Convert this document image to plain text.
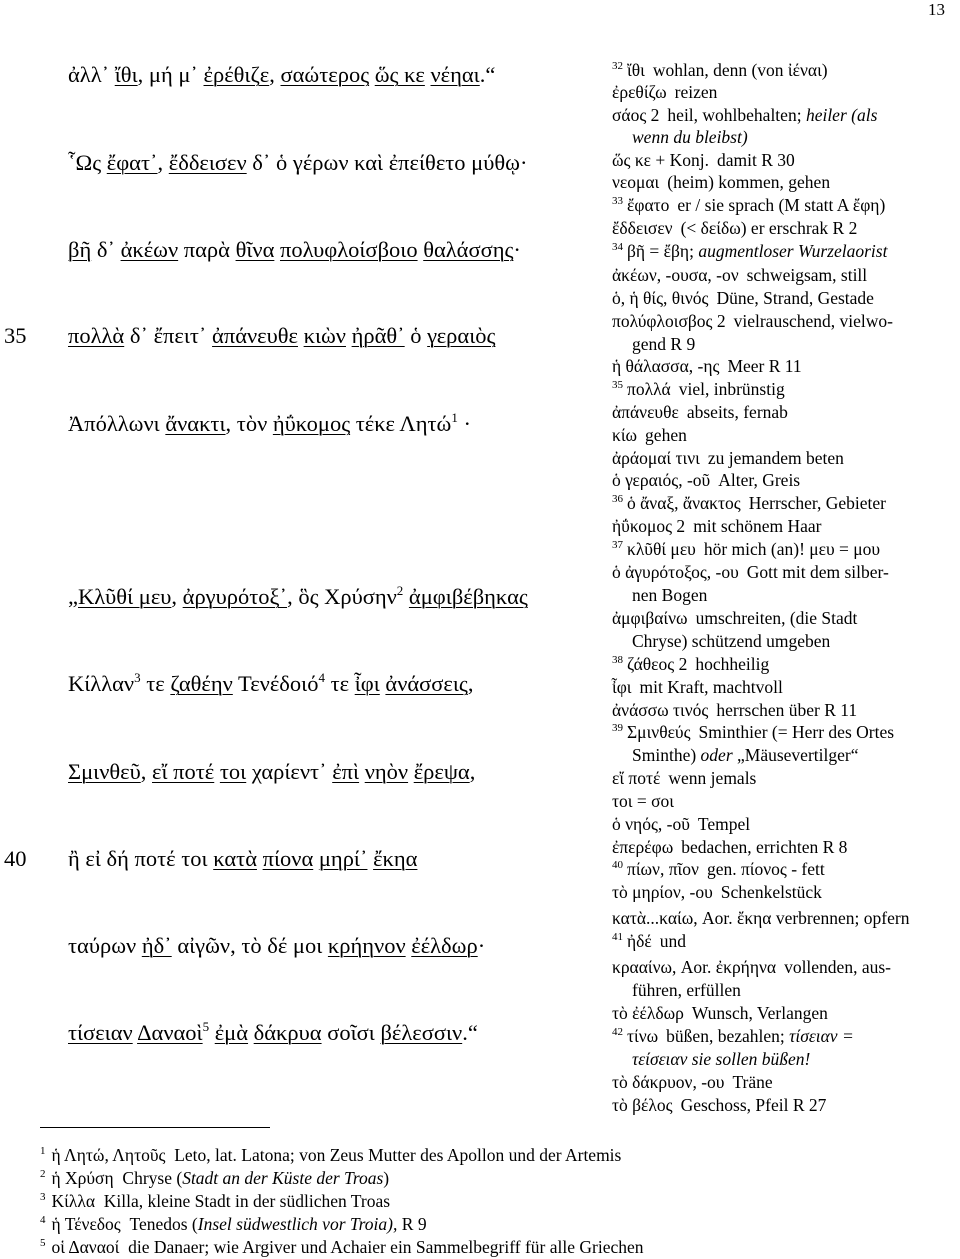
13
ἀλλ᾽ ἴθι, μή μ᾽ ἐρέθιζε, σαώτερος ὥς κε νέηαι.“
῟Ως ἔφατ᾽, ἔδδεισεν δ᾽ ὁ γέρων καὶ ἐπείθετο μύθῳ·
βῆ δ᾽ ἀκέων παρὰ θῖνα πολυφλοίσβοιο θαλάσσης·
35 πολλὰ δ᾽ ἔπειτ᾽ ἀπάνευθε κιὼν ἠρᾶθ᾽ ὁ γεραιὸς
Ἀπόλλωνι ἄνακτι, τὸν ἠΰκομος τέκε Λητώ$^1$ ·
„Κλῦθί μευ, ἀργυρότοξ᾽, ὃς Χρύσην$^2$ ἀμφιβέβηκας
Κίλλαν$^3$ τε ζαθέην Τενέδοιό$^4$ τε ἶφι ἀνάσσεις,
Σμινθεῦ, εἴ ποτέ τοι χαρίεντ᾽ ἐπὶ νηὸν ἔρεψα,
40 ἢ εἰ δή ποτέ τοι κατὰ πίονα μηρί᾽ ἔκηα
ταύρων ἠδ᾽ αἰγῶν, τὸ δέ μοι κρήηνον ἐέλδωρ·
τίσειαν Δαναοὶ$^5$ ἐμὰ δάκρυα σοῖσι βέλεσσιν.“
$^{32}$ ἴθι wohlan, denn (von ἰέναι)
ἐρεθίζω reizen
σάος 2 heil, wohlbehalten; heiler (als
wenn du bleibst)
ὥς κε + Konj. damit R 30
νεομαι (heim) kommen, gehen
$^{33}$ ἔφατο er / sie sprach (M statt A ἔφη)
ἔδδεισεν (< δείδω) er erschrak R 2
$^{34}$ βῆ = ἔβη; augmentloser Wurzelaorist
ἀκέων, -ουσα, -ον schweigsam, still
ὁ, ἡ θίς, θινός Düne, Strand, Gestade
πολύφλοισβος 2 vielrauschend, vielwo-
gend R 9
ἡ θάλασσα, -ης Meer R 11
$^{35}$ πολλά viel, inbrünstig
ἀπάνευθε abseits, fernab
κίω gehen
ἀράομαί τινι zu jemandem beten
ὁ γεραιός, -οῦ Alter, Greis
$^{36}$ ὁ ἄναξ, ἄνακτος Herrscher, Gebieter
ἠΰκομος 2 mit schönem Haar
$^{37}$ κλῦθί μευ hör mich (an)! μευ = μου
ὁ ἀγυρότοξος, -ου Gott mit dem silber-
nen Bogen
ἀμφιβαίνω umschreiten, (die Stadt
Chryse) schützend umgeben
$^{38}$ ζάθεος 2 hochheilig
ἶφι mit Kraft, machtvoll
ἀνάσσω τινός herrschen über R 11
$^{39}$ Σμινθεύς Sminthier (= Herr des Ortes
Sminthe) oder „Mäusevertilger“
εἴ ποτέ wenn jemals
τοι = σοι
ὁ νηός, -οῦ Tempel
ἐπερέφω bedachen, errichten R 8
$^{40}$ πίων, πῖον gen. πίονος - fett
τὸ μηρίον, -ου Schenkelstück
κατὰ...καίω, Aor. ἔκηα verbrennen; opfern
$^{41}$ ἠδέ und
κρααίνω, Aor. ἐκρήηνα vollenden, aus-
führen, erfüllen
τὸ ἐέλδωρ Wunsch, Verlangen
$^{42}$ τίνω büßen, bezahlen; τίσειαν =
τείσειαν sie sollen büßen!
τὸ δάκρυον, -ου Träne
τὸ βέλος Geschoss, Pfeil R 27
$^1$ ἡ Λητώ, Λητοῦς Leto, lat. Latona; von Zeus Mutter des Apollon und der Artemis
$^2$ ἡ Χρύση Chryse (Stadt an der Küste der Troas)
$^3$ Κίλλα Killa, kleine Stadt in der südlichen Troas
$^4$ ἡ Τένεδος Tenedos (Insel südwestlich vor Troia), R 9
$^5$ οἱ Δαναοί die Danaer; wie Argiver und Achaier ein Sammelbegriff für alle Griechen
